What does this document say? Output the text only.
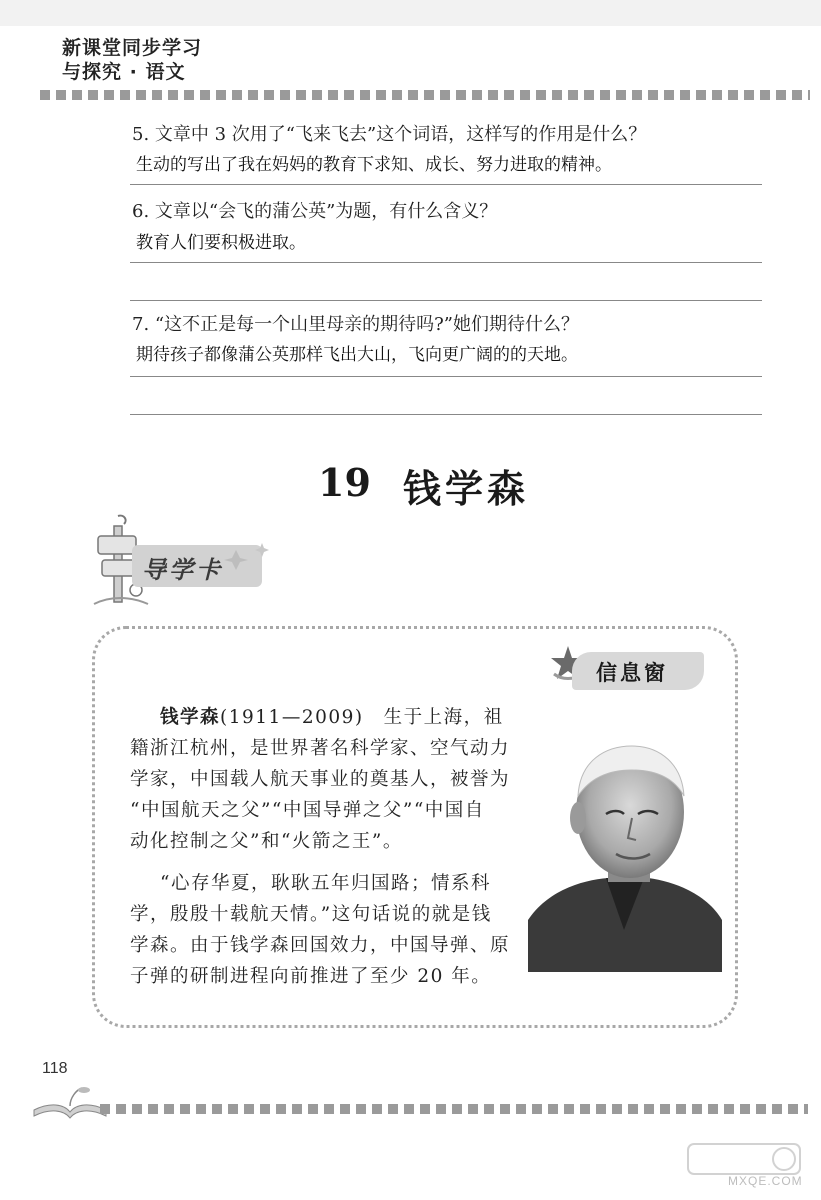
新课堂同步学习
与探究 · 语文
5. 文章中 3 次用了“飞来飞去”这个词语，这样写的作用是什么？
生动的写出了我在妈妈的教育下求知、成长、努力进取的精神。
6. 文章以“会飞的蒲公英”为题，有什么含义？
教育人们要积极进取。
7. “这不正是每一个山里母亲的期待吗?”她们期待什么？
期待孩子都像蒲公英那样飞出大山，飞向更广阔的的天地。
19 钱学森
导学卡
信息窗
钱学森(1911—2009)　生于上海，祖
籍浙江杭州，是世界著名科学家、空气动力
学家，中国载人航天事业的奠基人，被誉为
“中国航天之父”“中国导弹之父”“中国自
动化控制之父”和“火箭之王”。
“心存华夏，耿耿五年归国路；情系科
学，殷殷十载航天情。”这句话说的就是钱
学森。由于钱学森回国效力，中国导弹、原
子弹的研制进程向前推进了至少 20 年。
118
MXQE.COM
